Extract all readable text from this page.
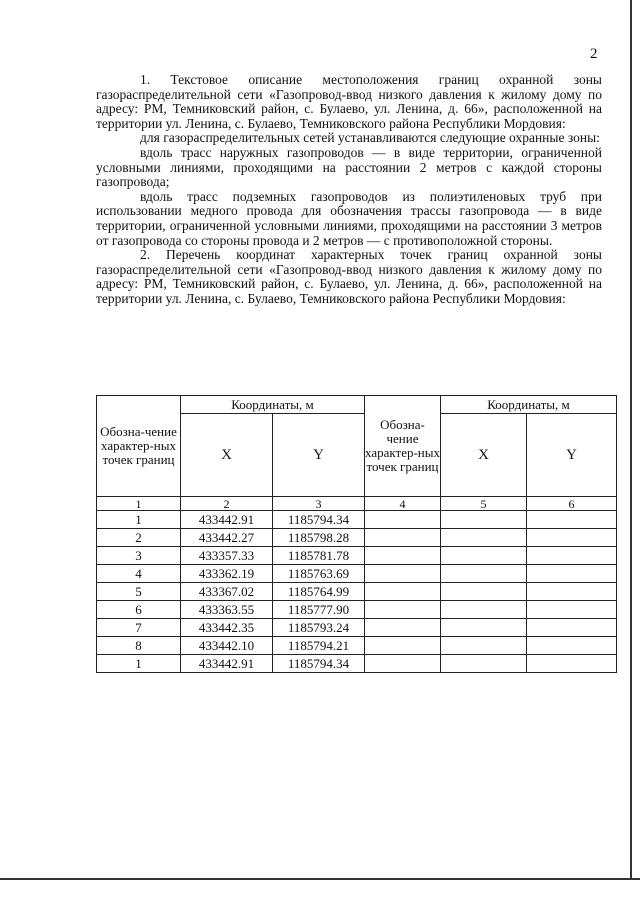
2

1. Текстовое описание местоположения границ охранной зоны газораспределительной сети «Газопровод-ввод низкого давления к жилому дому по адресу: РМ, Темниковский район, с. Булаево, ул. Ленина, д. 66», расположенной на территории ул. Ленина, с. Булаево, Темниковского района Республики Мордовия:

для газораспределительных сетей устанавливаются следующие охранные зоны:

вдоль трасс наружных газопроводов — в виде территории, ограниченной условными линиями, проходящими на расстоянии 2 метров с каждой стороны газопровода;

вдоль трасс подземных газопроводов из полиэтиленовых труб при использовании медного провода для обозначения трассы газопровода — в виде территории, ограниченной условными линиями, проходящими на расстоянии 3 метров от газопровода со стороны провода и 2 метров — с противоположной стороны.

2. Перечень координат характерных точек границ охранной зоны газораспределительной сети «Газопровод-ввод низкого давления к жилому дому по адресу: РМ, Темниковский район, с. Булаево, ул. Ленина, д. 66», расположенной на территории ул. Ленина, с. Булаево, Темниковского района Республики Мордовия:

Обозна-чение характер-ных точек границ	Координаты, м		Обозна-чение характер-ных точек границ	Координаты, м	
	X	Y		X	Y
1	2	3	4	5	6
1	433442.91	1185794.34			
2	433442.27	1185798.28			
3	433357.33	1185781.78			
4	433362.19	1185763.69			
5	433367.02	1185764.99			
6	433363.55	1185777.90			
7	433442.35	1185793.24			
8	433442.10	1185794.21			
1	433442.91	1185794.34			
